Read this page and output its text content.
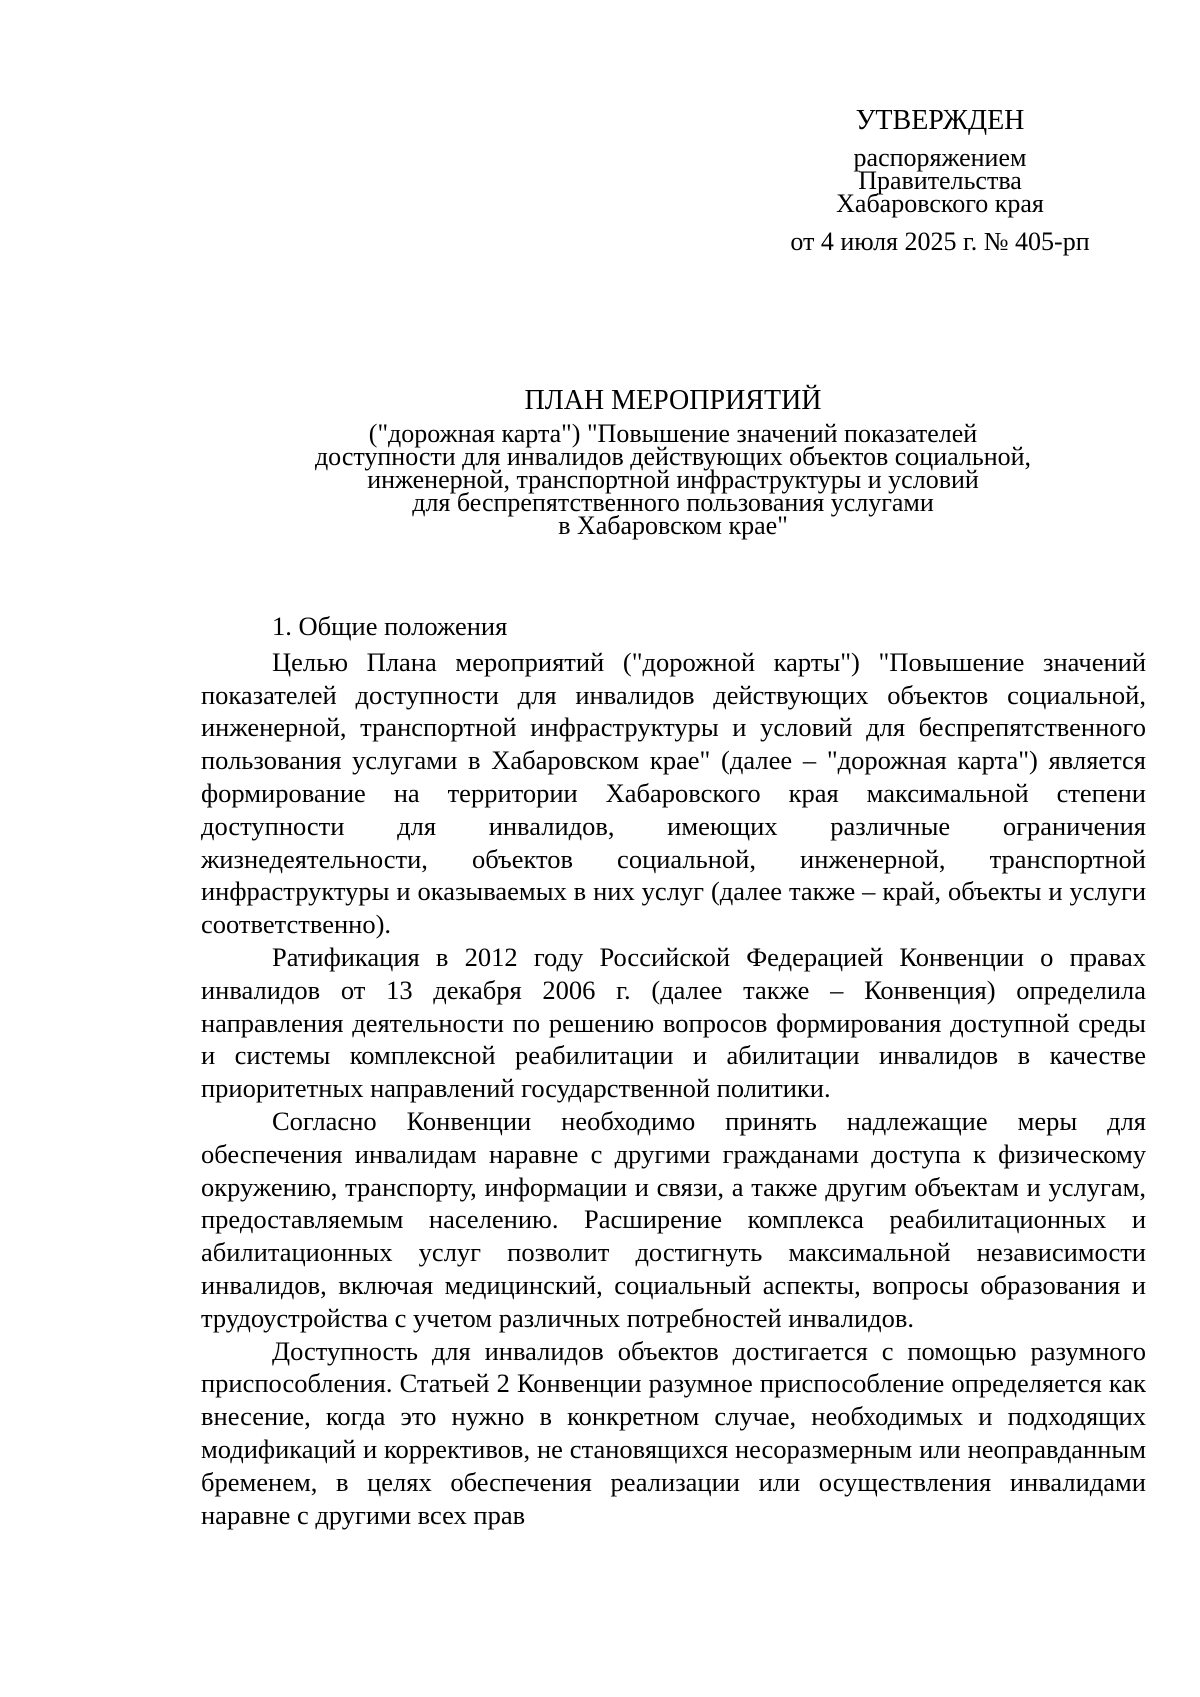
УТВЕРЖДЕН
распоряжением
Правительства
Хабаровского края
от 4 июля 2025 г. № 405-рп
ПЛАН МЕРОПРИЯТИЙ
("дорожная карта") "Повышение значений показателей
доступности для инвалидов действующих объектов социальной,
инженерной, транспортной инфраструктуры и условий
для беспрепятственного пользования услугами
в Хабаровском крае"

1. Общие положения

Целью Плана мероприятий ("дорожной карты") "Повышение значений показателей доступности для инвалидов действующих объектов социальной, инженерной, транспортной инфраструктуры и условий для беспрепятственного пользования услугами в Хабаровском крае" (далее – "дорожная карта") является формирование на территории Хабаровского края максимальной степени доступности для инвалидов, имеющих различные ограничения жизнедеятельности, объектов социальной, инженерной, транспортной инфраструктуры и оказываемых в них услуг (далее также – край, объекты и услуги соответственно).

Ратификация в 2012 году Российской Федерацией Конвенции о правах инвалидов от 13 декабря 2006 г. (далее также – Конвенция) определила направления деятельности по решению вопросов формирования доступной среды и системы комплексной реабилитации и абилитации инвалидов в качестве приоритетных направлений государственной политики.

Согласно Конвенции необходимо принять надлежащие меры для обеспечения инвалидам наравне с другими гражданами доступа к физическому окружению, транспорту, информации и связи, а также другим объектам и услугам, предоставляемым населению. Расширение комплекса реабилитационных и абилитационных услуг позволит достигнуть максимальной независимости инвалидов, включая медицинский, социальный аспекты, вопросы образования и трудоустройства с учетом различных потребностей инвалидов.

Доступность для инвалидов объектов достигается с помощью разумного приспособления. Статьей 2 Конвенции разумное приспособление определяется как внесение, когда это нужно в конкретном случае, необходимых и подходящих модификаций и коррективов, не становящихся несоразмерным или неоправданным бременем, в целях обеспечения реализации или осуществления инвалидами наравне с другими всех прав
